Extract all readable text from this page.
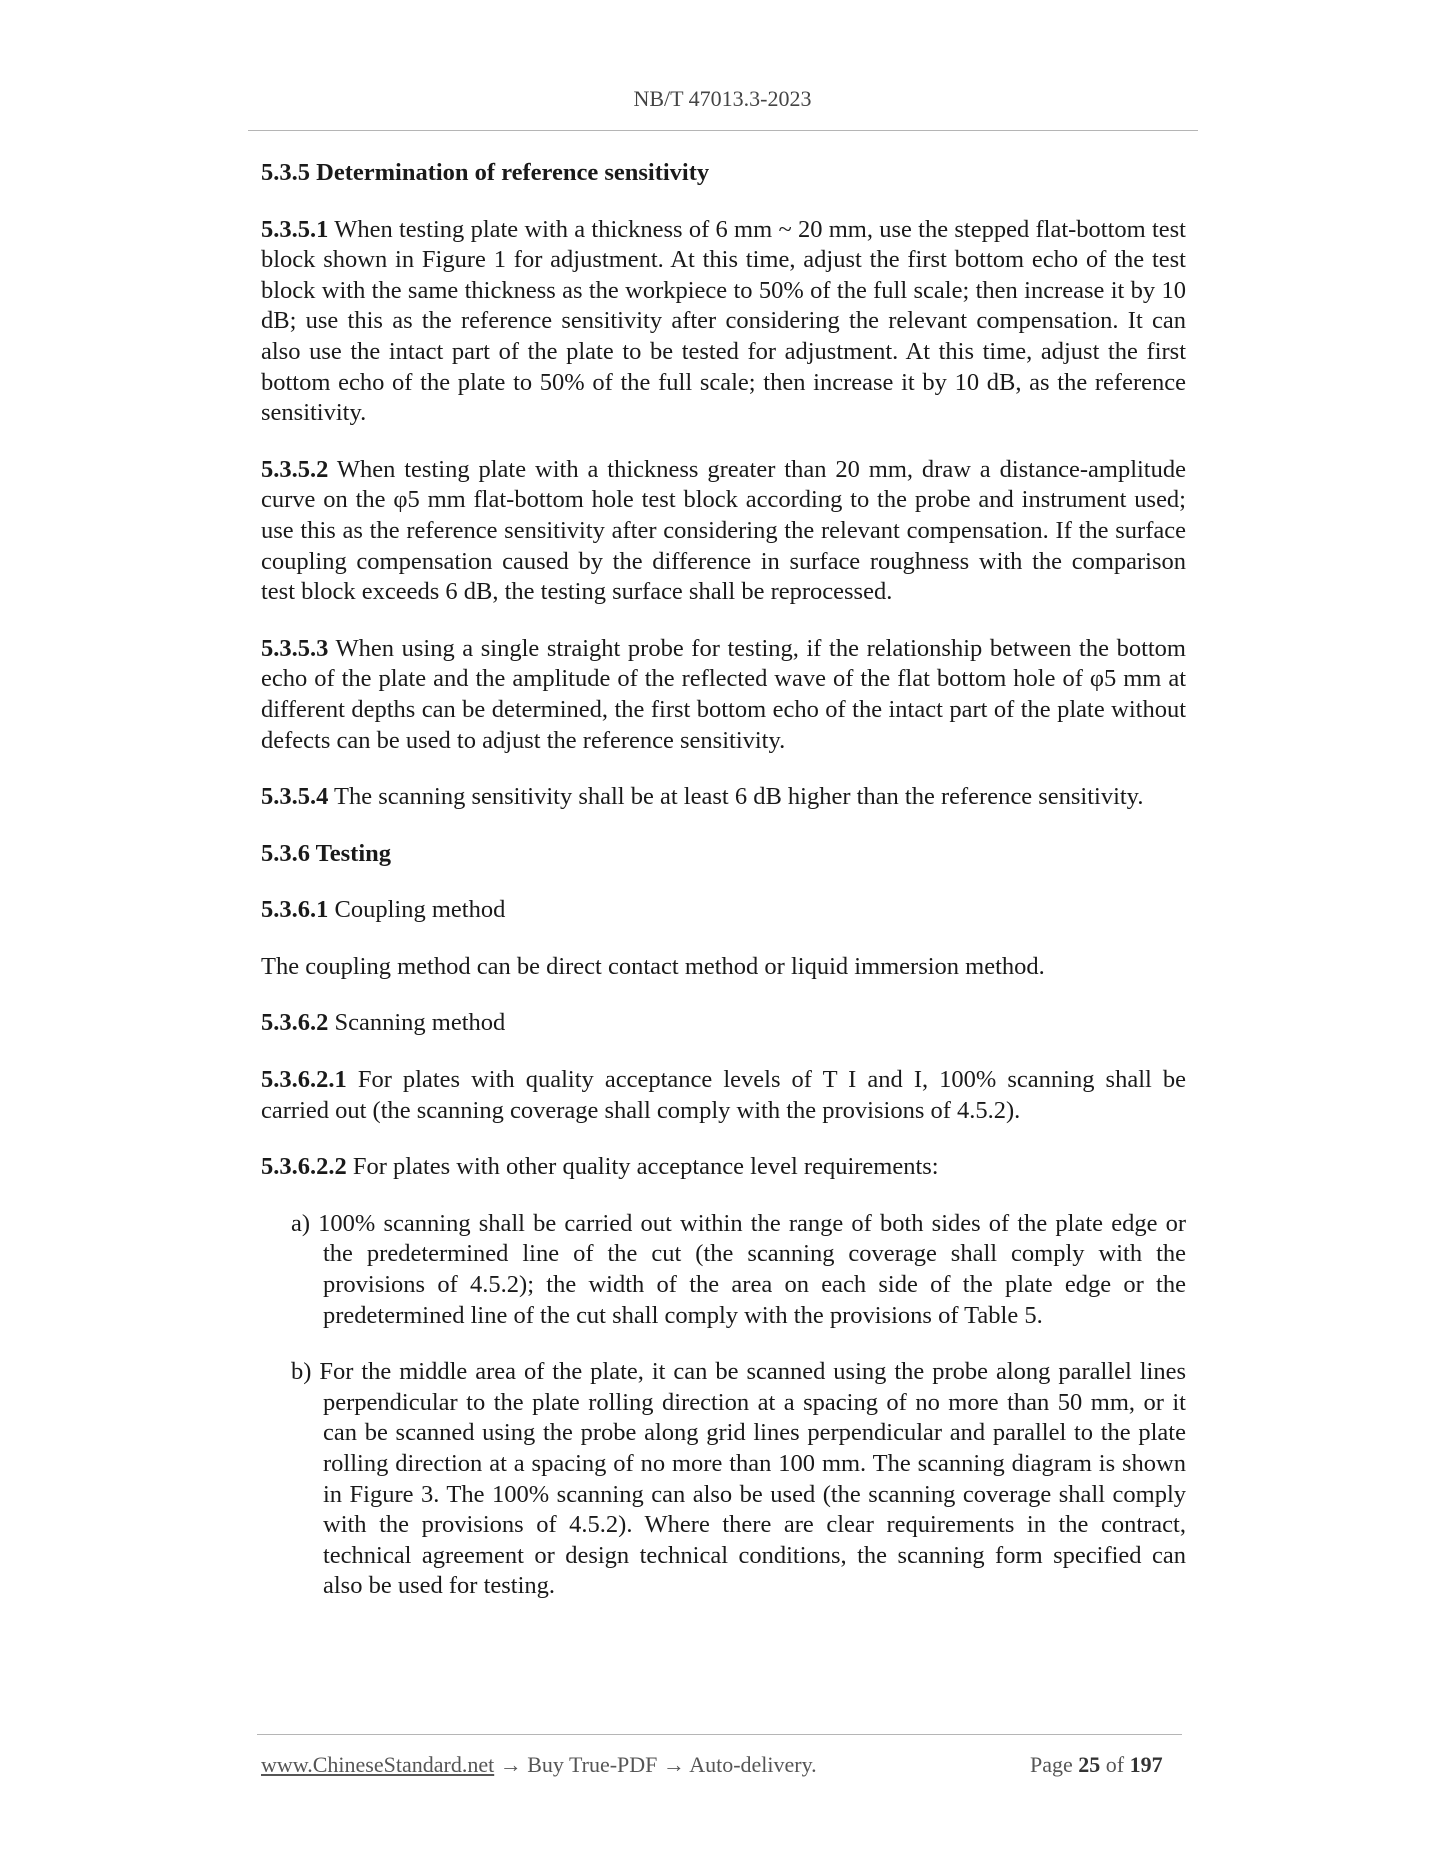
NB/T 47013.3-2023

5.3.5 Determination of reference sensitivity

5.3.5.1 When testing plate with a thickness of 6 mm ~ 20 mm, use the stepped flat-bottom test block shown in Figure 1 for adjustment. At this time, adjust the first bottom echo of the test block with the same thickness as the workpiece to 50% of the full scale; then increase it by 10 dB; use this as the reference sensitivity after considering the relevant compensation. It can also use the intact part of the plate to be tested for adjustment. At this time, adjust the first bottom echo of the plate to 50% of the full scale; then increase it by 10 dB, as the reference sensitivity.

5.3.5.2 When testing plate with a thickness greater than 20 mm, draw a distance-amplitude curve on the φ5 mm flat-bottom hole test block according to the probe and instrument used; use this as the reference sensitivity after considering the relevant compensation. If the surface coupling compensation caused by the difference in surface roughness with the comparison test block exceeds 6 dB, the testing surface shall be reprocessed.

5.3.5.3 When using a single straight probe for testing, if the relationship between the bottom echo of the plate and the amplitude of the reflected wave of the flat bottom hole of φ5 mm at different depths can be determined, the first bottom echo of the intact part of the plate without defects can be used to adjust the reference sensitivity.

5.3.5.4 The scanning sensitivity shall be at least 6 dB higher than the reference sensitivity.

5.3.6 Testing

5.3.6.1 Coupling method

The coupling method can be direct contact method or liquid immersion method.

5.3.6.2 Scanning method

5.3.6.2.1 For plates with quality acceptance levels of T I and I, 100% scanning shall be carried out (the scanning coverage shall comply with the provisions of 4.5.2).

5.3.6.2.2 For plates with other quality acceptance level requirements:

a) 100% scanning shall be carried out within the range of both sides of the plate edge or the predetermined line of the cut (the scanning coverage shall comply with the provisions of 4.5.2); the width of the area on each side of the plate edge or the predetermined line of the cut shall comply with the provisions of Table 5.

b) For the middle area of the plate, it can be scanned using the probe along parallel lines perpendicular to the plate rolling direction at a spacing of no more than 50 mm, or it can be scanned using the probe along grid lines perpendicular and parallel to the plate rolling direction at a spacing of no more than 100 mm. The scanning diagram is shown in Figure 3. The 100% scanning can also be used (the scanning coverage shall comply with the provisions of 4.5.2). Where there are clear requirements in the contract, technical agreement or design technical conditions, the scanning form specified can also be used for testing.

www.ChineseStandard.net → Buy True-PDF → Auto-delivery.	Page 25 of 197
